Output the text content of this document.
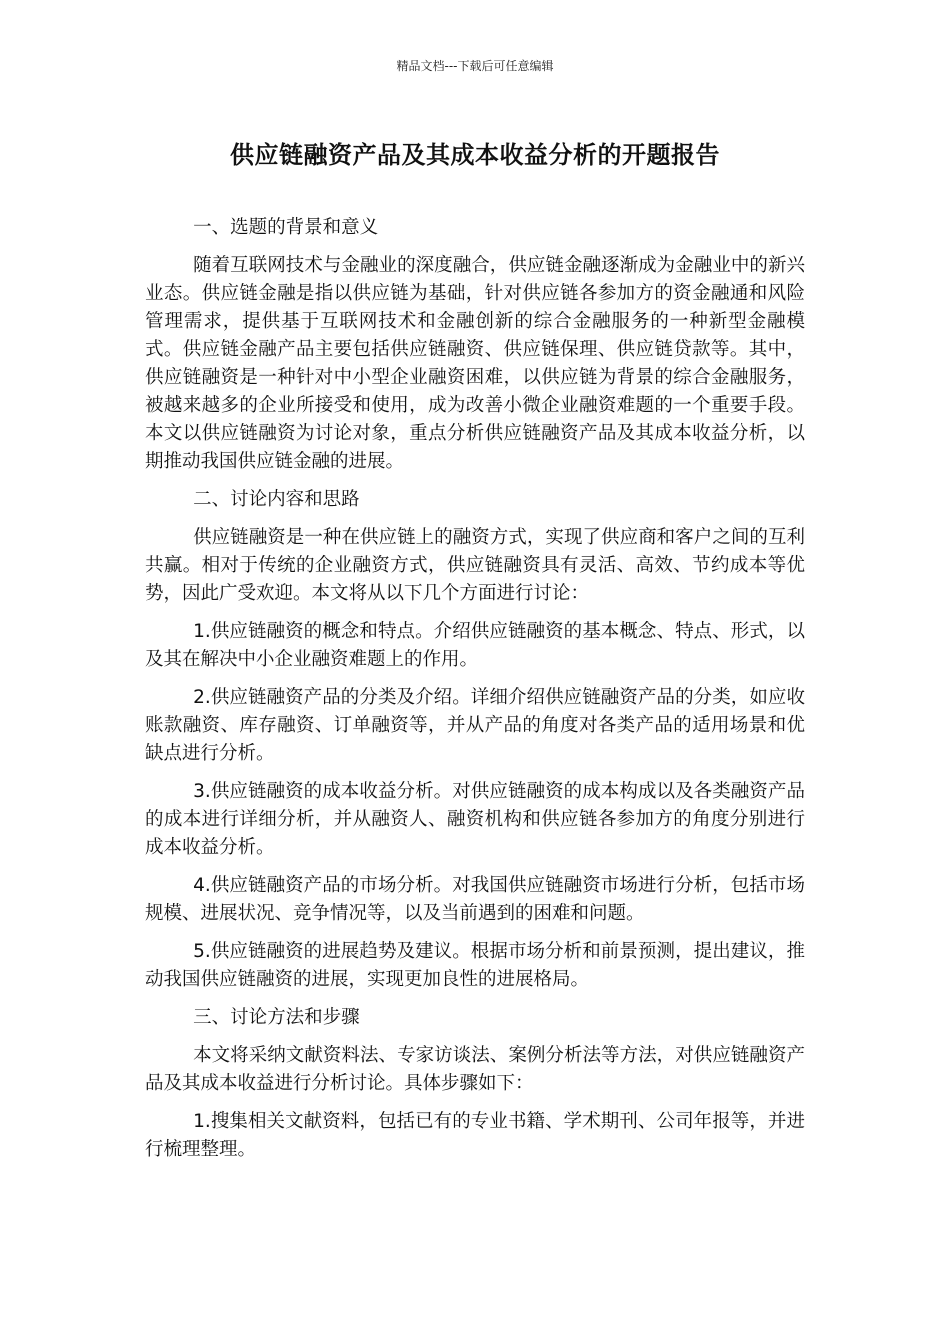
精品文档---下载后可任意编辑
供应链融资产品及其成本收益分析的开题报告

一、选题的背景和意义

随着互联网技术与金融业的深度融合，供应链金融逐渐成为金融业中的新兴业态。供应链金融是指以供应链为基础，针对供应链各参加方的资金融通和风险管理需求，提供基于互联网技术和金融创新的综合金融服务的一种新型金融模式。供应链金融产品主要包括供应链融资、供应链保理、供应链贷款等。其中，供应链融资是一种针对中小型企业融资困难，以供应链为背景的综合金融服务，被越来越多的企业所接受和使用，成为改善小微企业融资难题的一个重要手段。本文以供应链融资为讨论对象，重点分析供应链融资产品及其成本收益分析，以期推动我国供应链金融的进展。

二、讨论内容和思路

供应链融资是一种在供应链上的融资方式，实现了供应商和客户之间的互利共赢。相对于传统的企业融资方式，供应链融资具有灵活、高效、节约成本等优势，因此广受欢迎。本文将从以下几个方面进行讨论：

1.供应链融资的概念和特点。介绍供应链融资的基本概念、特点、形式，以及其在解决中小企业融资难题上的作用。

2.供应链融资产品的分类及介绍。详细介绍供应链融资产品的分类，如应收账款融资、库存融资、订单融资等，并从产品的角度对各类产品的适用场景和优缺点进行分析。

3.供应链融资的成本收益分析。对供应链融资的成本构成以及各类融资产品的成本进行详细分析，并从融资人、融资机构和供应链各参加方的角度分别进行成本收益分析。

4.供应链融资产品的市场分析。对我国供应链融资市场进行分析，包括市场规模、进展状况、竞争情况等，以及当前遇到的困难和问题。

5.供应链融资的进展趋势及建议。根据市场分析和前景预测，提出建议，推动我国供应链融资的进展，实现更加良性的进展格局。

三、讨论方法和步骤

本文将采纳文献资料法、专家访谈法、案例分析法等方法，对供应链融资产品及其成本收益进行分析讨论。具体步骤如下：

1.搜集相关文献资料，包括已有的专业书籍、学术期刊、公司年报等，并进行梳理整理。
